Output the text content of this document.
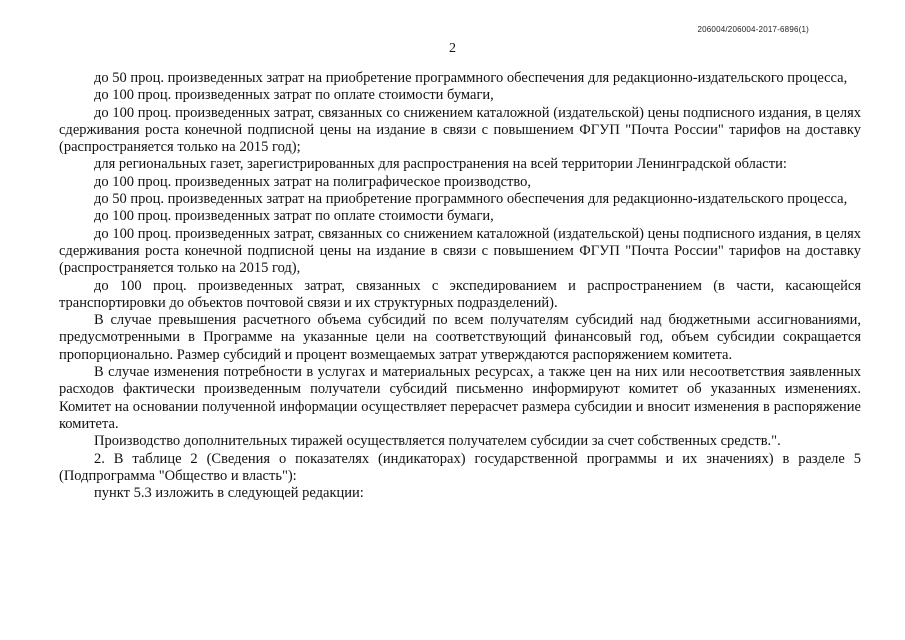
206004/206004-2017-6896(1)
2

до 50 проц. произведенных затрат на приобретение программного обеспечения для редакционно-издательского процесса,

до 100 проц. произведенных затрат по оплате стоимости бумаги,

до 100 проц. произведенных затрат, связанных со снижением каталожной (издательской) цены подписного издания, в целях сдерживания роста конечной подписной цены на издание в связи с повышением ФГУП "Почта России" тарифов на доставку (распространяется только на 2015 год);

для региональных газет, зарегистрированных для распространения на всей территории Ленинградской области:

до 100 проц. произведенных затрат на полиграфическое производство,

до 50 проц. произведенных затрат на приобретение программного обеспечения для редакционно-издательского процесса,

до 100 проц. произведенных затрат по оплате стоимости бумаги,

до 100 проц. произведенных затрат, связанных со снижением каталожной (издательской) цены подписного издания, в целях сдерживания роста конечной подписной цены на издание в связи с повышением ФГУП "Почта России" тарифов на доставку (распространяется только на 2015 год),

до 100 проц. произведенных затрат, связанных с экспедированием и распространением (в части, касающейся транспортировки до объектов почтовой связи и их структурных подразделений).

В случае превышения расчетного объема субсидий по всем получателям субсидий над бюджетными ассигнованиями, предусмотренными в Программе на указанные цели на соответствующий финансовый год, объем субсидии сокращается пропорционально. Размер субсидий и процент возмещаемых затрат утверждаются распоряжением комитета.

В случае изменения потребности в услугах и материальных ресурсах, а также цен на них или несоответствия заявленных расходов фактически произведенным получатели субсидий письменно информируют комитет об указанных изменениях. Комитет на основании полученной информации осуществляет перерасчет размера субсидии и вносит изменения в распоряжение комитета.

Производство дополнительных тиражей осуществляется получателем субсидии за счет собственных средств.".

2. В таблице 2 (Сведения о показателях (индикаторах) государственной программы и их значениях) в разделе 5 (Подпрограмма "Общество и власть"):

пункт 5.3 изложить в следующей редакции:
